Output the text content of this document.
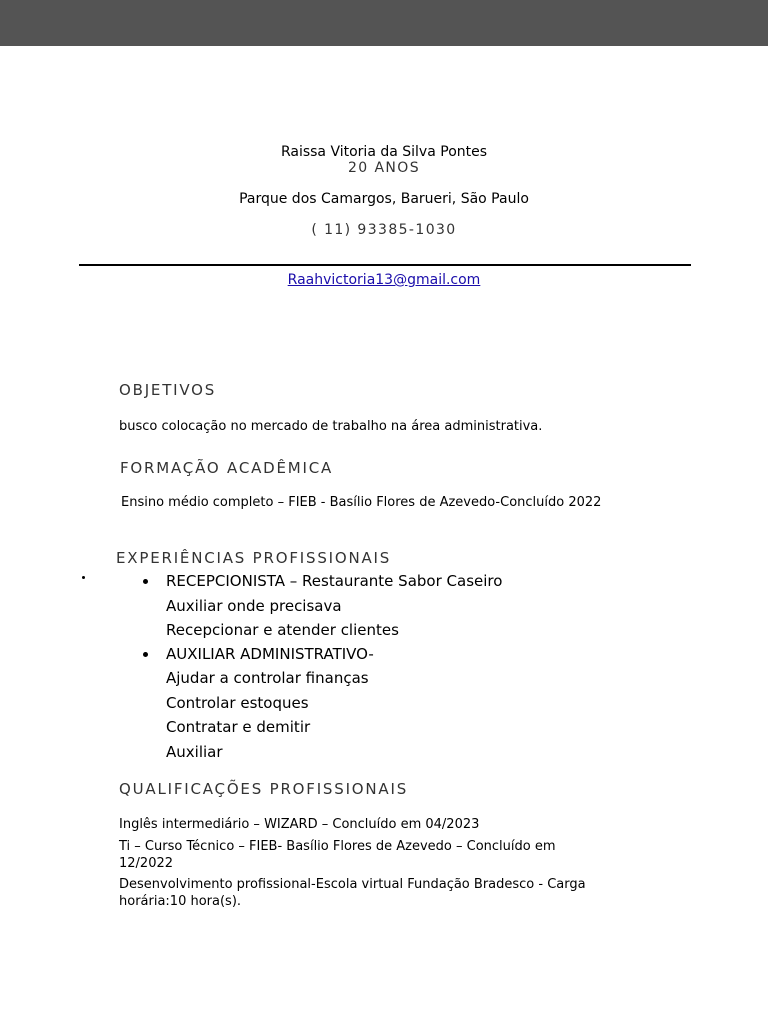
Raissa Vitoria da Silva Pontes
20 ANOS
Parque dos Camargos, Barueri, São Paulo
( 11) 93385-1030
Raahvictoria13@gmail.com
OBJETIVOS
busco colocação no mercado de trabalho na área administrativa.
FORMAÇÃO ACADÊMICA
Ensino médio completo – FIEB - Basílio Flores de Azevedo-Concluído 2022
EXPERIÊNCIAS PROFISSIONAIS
RECEPCIONISTA – Restaurante Sabor Caseiro
Auxiliar onde precisava
Recepcionar e atender clientes
AUXILIAR ADMINISTRATIVO-
Ajudar a controlar finanças
Controlar estoques
Contratar e demitir
Auxiliar
QUALIFICAÇÕES PROFISSIONAIS
Inglês intermediário – WIZARD – Concluído em 04/2023
Ti – Curso Técnico – FIEB- Basílio Flores de Azevedo – Concluído em 12/2022
Desenvolvimento profissional-Escola virtual Fundação Bradesco - Carga horária:10 hora(s).
